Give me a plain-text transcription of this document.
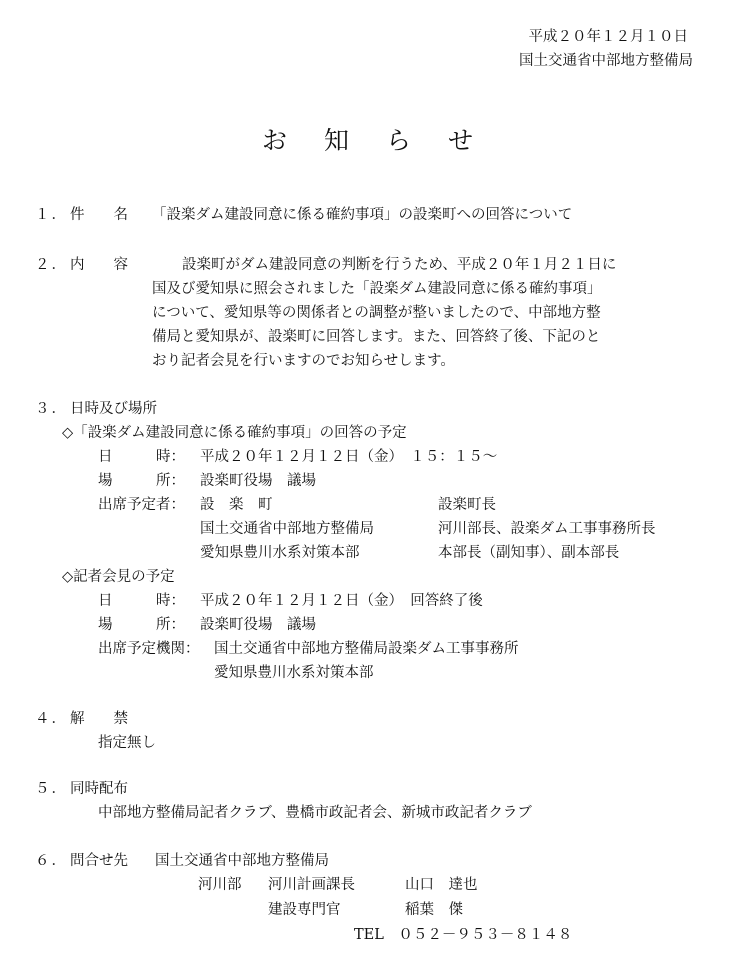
平成２０年１２月１０日
国土交通省中部地方整備局
お　知　ら　せ
１． 件　　名 「設楽ダム建設同意に係る確約事項」の設楽町への回答について
２． 内　　容	設楽町がダム建設同意の判断を行うため、平成２０年１月２１日に
国及び愛知県に照会されました「設楽ダム建設同意に係る確約事項」
について、愛知県等の関係者との調整が整いましたので、中部地方整
備局と愛知県が、設楽町に回答します。また、回答終了後、下記のと
おり記者会見を行いますのでお知らせします。
３． 日時及び場所
◇「設楽ダム建設同意に係る確約事項」の回答の予定
日　　　時： 平成２０年１２月１２日（金）　１５：１５～
場　　　所： 設楽町役場　議場
出席予定者： 設　楽　町	設楽町長
国土交通省中部地方整備局	河川部長、設楽ダム工事事務所長
愛知県豊川水系対策本部	本部長（副知事）、副本部長
◇記者会見の予定
日　　　時： 平成２０年１２月１２日（金）　回答終了後
場　　　所： 設楽町役場　議場
出席予定機関： 国土交通省中部地方整備局設楽ダム工事事務所
愛知県豊川水系対策本部
４． 解　　禁
指定無し
５． 同時配布
中部地方整備局記者クラブ、豊橋市政記者会、新城市政記者クラブ
６． 問合せ先 国土交通省中部地方整備局
河川部 河川計画課長	山口　達也
建設専門官	稲葉　傑
TEL　０５２－９５３－８１４８
